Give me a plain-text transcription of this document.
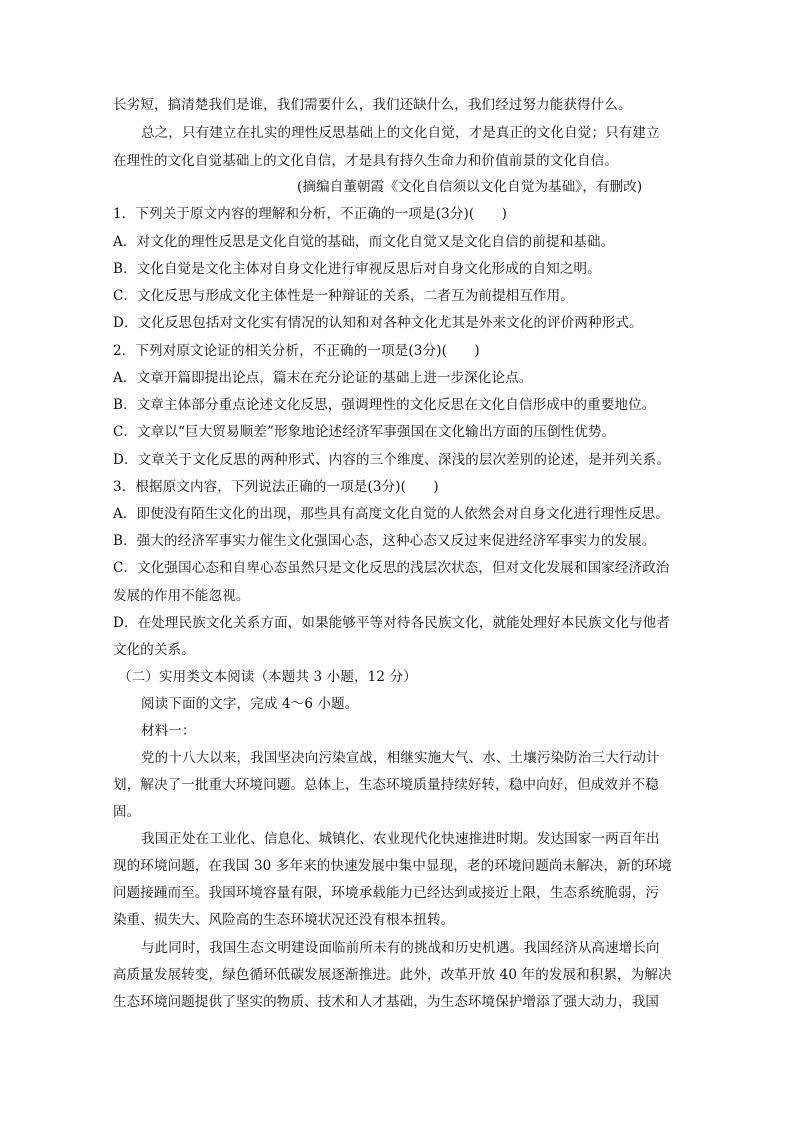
长劣短，搞清楚我们是谁，我们需要什么，我们还缺什么，我们经过努力能获得什么。
总之，只有建立在扎实的理性反思基础上的文化自觉，才是真正的文化自觉；只有建立
在理性的文化自觉基础上的文化自信，才是具有持久生命力和价值前景的文化自信。
(摘编自董朝霞《文化自信须以文化自觉为基础》，有删改)
1．下列关于原文内容的理解和分析，不正确的一项是(3分)(　　)
A．对文化的理性反思是文化自觉的基础，而文化自觉又是文化自信的前提和基础。
B．文化自觉是文化主体对自身文化进行审视反思后对自身文化形成的自知之明。
C．文化反思与形成文化主体性是一种辩证的关系，二者互为前提相互作用。
D．文化反思包括对文化实有情况的认知和对各种文化尤其是外来文化的评价两种形式。
2．下列对原文论证的相关分析，不正确的一项是(3分)(　　)
A．文章开篇即提出论点，篇末在充分论证的基础上进一步深化论点。
B．文章主体部分重点论述文化反思，强调理性的文化反思在文化自信形成中的重要地位。
C．文章以“巨大贸易顺差”形象地论述经济军事强国在文化输出方面的压倒性优势。
D．文章关于文化反思的两种形式、内容的三个维度、深浅的层次差别的论述，是并列关系。
3．根据原文内容，下列说法正确的一项是(3分)(　　)
A．即使没有陌生文化的出现，那些具有高度文化自觉的人依然会对自身文化进行理性反思。
B．强大的经济军事实力催生文化强国心态，这种心态又反过来促进经济军事实力的发展。
C．文化强国心态和自卑心态虽然只是文化反思的浅层次状态，但对文化发展和国家经济政治
发展的作用不能忽视。
D．在处理民族文化关系方面，如果能够平等对待各民族文化，就能处理好本民族文化与他者
文化的关系。
（二）实用类文本阅读（本题共 3 小题，12 分）
阅读下面的文字，完成 4～6 小题。
材料一：
党的十八大以来，我国坚决向污染宣战，相继实施大气、水、土壤污染防治三大行动计
划，解决了一批重大环境问题。总体上，生态环境质量持续好转，稳中向好，但成效并不稳
固。
我国正处在工业化、信息化、城镇化、农业现代化快速推进时期。发达国家一两百年出
现的环境问题，在我国 30 多年来的快速发展中集中显现，老的环境问题尚未解决，新的环境
问题接踵而至。我国环境容量有限，环境承载能力已经达到或接近上限，生态系统脆弱，污
染重、损失大、风险高的生态环境状况还没有根本扭转。
与此同时，我国生态文明建设面临前所未有的挑战和历史机遇。我国经济从高速增长向
高质量发展转变，绿色循环低碳发展逐渐推进。此外，改革开放 40 年的发展和积累，为解决
生态环境问题提供了坚实的物质、技术和人才基础，为生态环境保护增添了强大动力，我国
